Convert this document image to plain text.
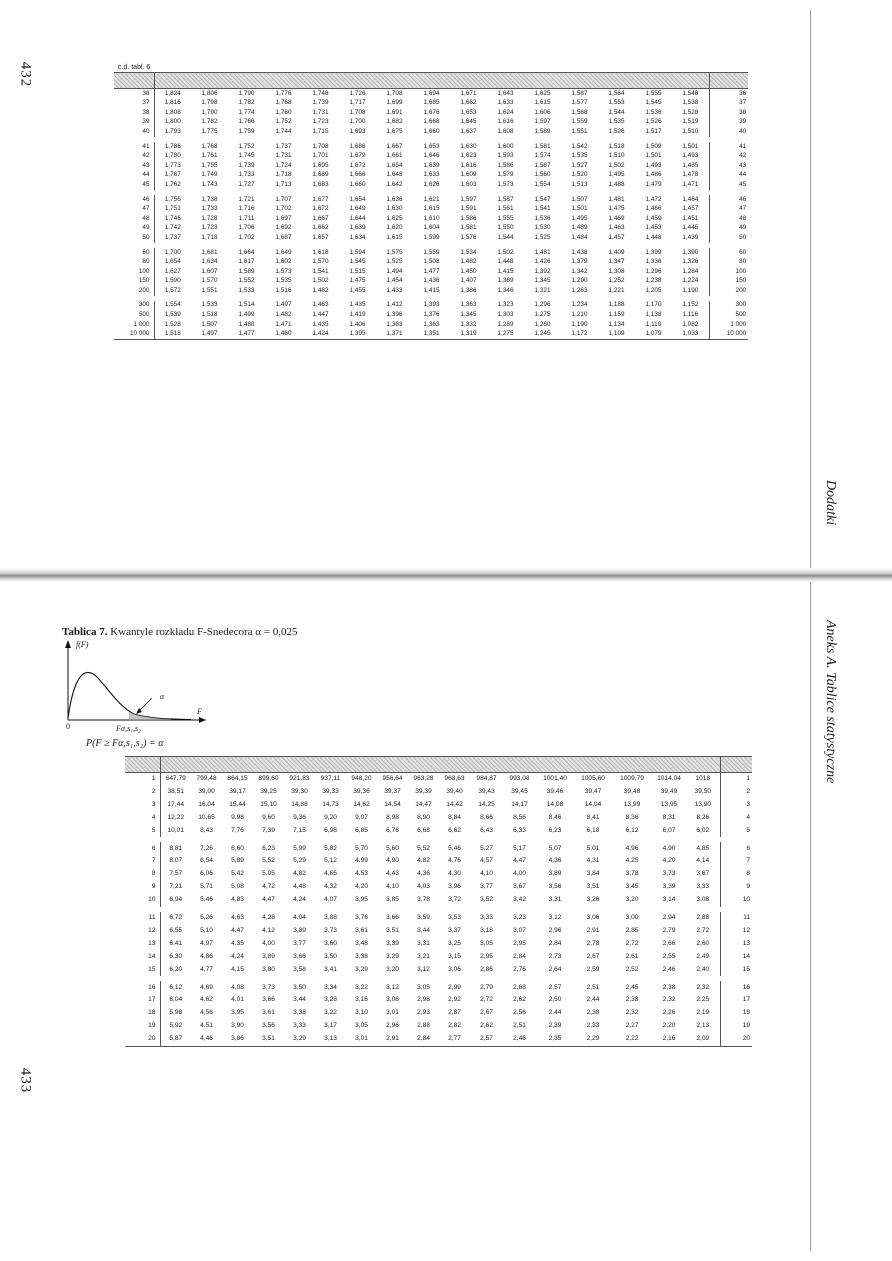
432
433
Dodatki
Aneks A. Tablice statystyczne
c.d. tabl. 6

36	1,824	1,806	1,790	1,776	1,748	1,726	1,708	1,694	1,671	1,643	1,625	1,587	1,564	1,555	1,548	36
37	1,816	1,798	1,782	1,768	1,739	1,717	1,699	1,685	1,662	1,633	1,615	1,577	1,553	1,545	1,538	37
38	1,808	1,790	1,774	1,760	1,731	1,708	1,691	1,676	1,653	1,624	1,606	1,568	1,544	1,536	1,528	38
39	1,800	1,782	1,766	1,752	1,723	1,700	1,682	1,668	1,645	1,616	1,597	1,559	1,535	1,526	1,519	39
40	1,793	1,775	1,759	1,744	1,715	1,693	1,675	1,660	1,637	1,608	1,589	1,551	1,526	1,517	1,510	40

41	1,786	1,768	1,752	1,737	1,708	1,686	1,667	1,653	1,630	1,600	1,581	1,542	1,518	1,509	1,501	41
42	1,780	1,761	1,745	1,731	1,701	1,679	1,661	1,646	1,623	1,593	1,574	1,535	1,510	1,501	1,493	42
43	1,773	1,755	1,739	1,724	1,695	1,672	1,654	1,639	1,616	1,586	1,567	1,527	1,502	1,493	1,485	43
44	1,767	1,749	1,733	1,718	1,689	1,666	1,648	1,633	1,609	1,579	1,560	1,520	1,495	1,486	1,478	44
45	1,762	1,743	1,727	1,713	1,683	1,660	1,642	1,626	1,603	1,573	1,554	1,513	1,488	1,479	1,471	45

46	1,756	1,738	1,721	1,707	1,677	1,654	1,636	1,621	1,597	1,567	1,547	1,507	1,481	1,472	1,464	46
47	1,751	1,733	1,716	1,702	1,672	1,649	1,630	1,615	1,591	1,561	1,541	1,501	1,475	1,466	1,457	47
48	1,746	1,728	1,711	1,697	1,667	1,644	1,625	1,610	1,586	1,555	1,536	1,495	1,469	1,459	1,451	48
49	1,742	1,723	1,706	1,692	1,662	1,639	1,620	1,604	1,581	1,550	1,530	1,489	1,463	1,453	1,445	49
50	1,737	1,718	1,702	1,687	1,657	1,634	1,615	1,599	1,576	1,544	1,525	1,484	1,457	1,448	1,439	50

60	1,700	1,681	1,664	1,649	1,618	1,594	1,575	1,559	1,534	1,502	1,481	1,438	1,409	1,399	1,390	60
80	1,654	1,634	1,617	1,602	1,570	1,545	1,525	1,508	1,482	1,448	1,426	1,379	1,347	1,336	1,326	80
100	1,627	1,607	1,589	1,573	1,541	1,515	1,494	1,477	1,450	1,415	1,392	1,342	1,308	1,296	1,284	100
150	1,590	1,570	1,552	1,535	1,502	1,475	1,454	1,436	1,407	1,369	1,345	1,290	1,252	1,238	1,224	150
200	1,572	1,551	1,533	1,516	1,482	1,455	1,433	1,415	1,386	1,346	1,321	1,263	1,221	1,205	1,190	200

300	1,554	1,533	1,514	1,497	1,463	1,435	1,412	1,393	1,363	1,323	1,296	1,234	1,188	1,170	1,152	300
500	1,539	1,518	1,499	1,482	1,447	1,419	1,396	1,376	1,345	1,303	1,275	1,210	1,159	1,138	1,116	500
1 000	1,528	1,507	1,488	1,471	1,435	1,406	1,383	1,363	1,332	1,289	1,260	1,190	1,134	1,110	1,082	1 000
10 000	1,518	1,497	1,477	1,460	1,424	1,395	1,371	1,351	1,319	1,275	1,245	1,172	1,109	1,079	1,033	10 000
Tablica 7. Kwantyle rozkładu F-Snedecora α = 0,025
f(F)
F
α
0	Fα,s₁,s₂
P(F ≥ Fα,s₁,s₂) = α

1	647,79	799,48	864,15	899,60	921,83	937,11	948,20	956,64	963,28	968,63	984,87	993,08	1001,40	1005,60	1009,79	1014,04	1018	1
2	38,51	39,00	39,17	39,25	39,30	39,33	39,36	39,37	39,39	39,40	39,43	39,45	39,46	39,47	39,48	39,49	39,50	2
3	17,44	16,04	15,44	15,10	14,88	14,73	14,62	14,54	14,47	14,42	14,25	14,17	14,08	14,04	13,99	13,95	13,90	3
4	12,22	10,65	9,98	9,60	9,36	9,20	9,07	8,98	8,90	8,84	8,66	8,56	8,46	8,41	8,36	8,31	8,26	4
5	10,01	8,43	7,76	7,39	7,15	6,98	6,85	6,76	6,68	6,62	6,43	6,33	6,23	6,18	6,12	6,07	6,02	5

6	8,81	7,26	6,60	6,23	5,99	5,82	5,70	5,60	5,52	5,46	5,27	5,17	5,07	5,01	4,96	4,90	4,85	6
7	8,07	6,54	5,89	5,52	5,29	5,12	4,99	4,90	4,82	4,76	4,57	4,47	4,36	4,31	4,25	4,20	4,14	7
8	7,57	6,06	5,42	5,05	4,82	4,65	4,53	4,43	4,36	4,30	4,10	4,00	3,89	3,84	3,78	3,73	3,67	8
9	7,21	5,71	5,08	4,72	4,48	4,32	4,20	4,10	4,03	3,96	3,77	3,67	3,56	3,51	3,45	3,39	3,33	9
10	6,94	5,46	4,83	4,47	4,24	4,07	3,95	3,85	3,78	3,72	3,52	3,42	3,31	3,26	3,20	3,14	3,08	10

11	6,72	5,26	4,63	4,28	4,04	3,88	3,76	3,66	3,59	3,53	3,33	3,23	3,12	3,06	3,00	2,94	2,88	11
12	6,55	5,10	4,47	4,12	3,89	3,73	3,61	3,51	3,44	3,37	3,18	3,07	2,96	2,91	2,85	2,79	2,72	12
13	6,41	4,97	4,35	4,00	3,77	3,60	3,48	3,39	3,31	3,25	3,05	2,95	2,84	2,78	2,72	2,66	2,60	13
14	6,30	4,86	4,24	3,89	3,66	3,50	3,38	3,29	3,21	3,15	2,95	2,84	2,73	2,67	2,61	2,55	2,49	14
15	6,20	4,77	4,15	3,80	3,58	3,41	3,29	3,20	3,12	3,06	2,86	2,76	2,64	2,59	2,52	2,46	2,40	15

16	6,12	4,69	4,08	3,73	3,50	3,34	3,22	3,12	3,05	2,99	2,79	2,68	2,57	2,51	2,45	2,38	2,32	16
17	6,04	4,62	4,01	3,66	3,44	3,28	3,16	3,06	2,98	2,92	2,72	2,62	2,50	2,44	2,38	2,32	2,25	17
18	5,98	4,56	3,95	3,61	3,38	3,22	3,10	3,01	2,93	2,87	2,67	2,56	2,44	2,38	2,32	2,26	2,19	18
19	5,92	4,51	3,90	3,56	3,33	3,17	3,05	2,96	2,88	2,82	2,62	2,51	2,39	2,33	2,27	2,20	2,13	19
20	5,87	4,46	3,86	3,51	3,29	3,13	3,01	2,91	2,84	2,77	2,57	2,46	2,35	2,29	2,22	2,16	2,09	20
